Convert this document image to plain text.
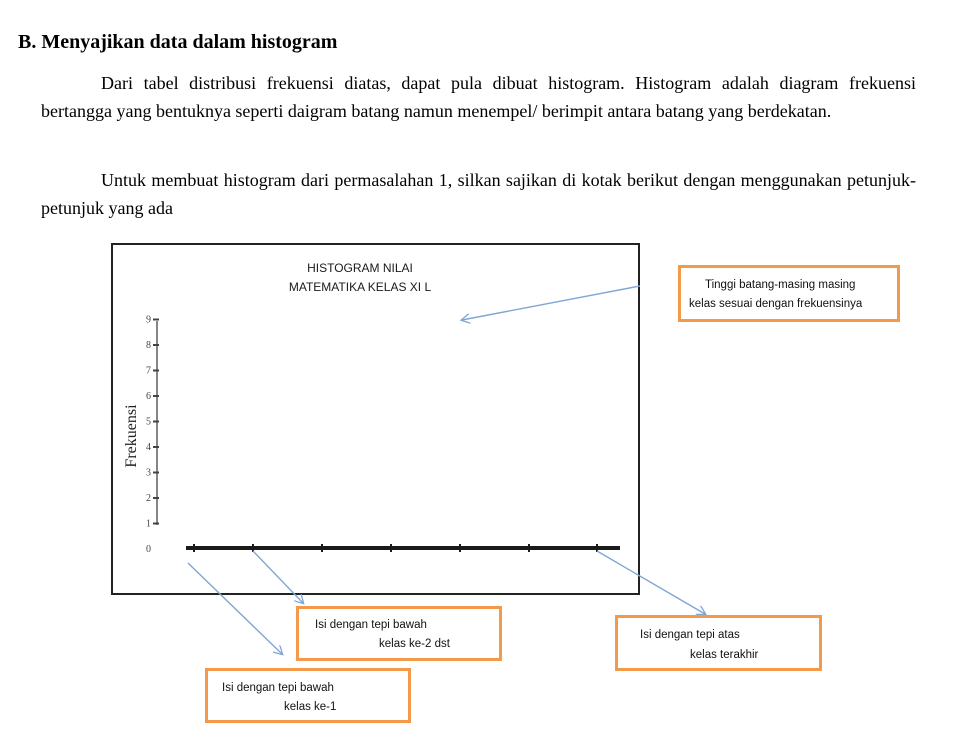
B. Menyajikan data dalam histogram

Dari tabel distribusi frekuensi diatas, dapat pula dibuat histogram. Histogram adalah diagram frekuensi bertangga yang bentuknya seperti daigram batang namun menempel/ berimpit antara batang yang berdekatan.

Untuk membuat histogram dari permasalahan 1, silkan sajikan di kotak berikut dengan menggunakan petunjuk-petunjuk yang ada

HISTOGRAM NILAI

MATEMATIKA KELAS XI L

0
1
2
3
4
5
6
7
8
9
Frekuensi
Tinggi batang-masing masing
kelas sesuai dengan frekuensinya
Isi dengan tepi bawah
kelas ke-2 dst
Isi dengan tepi atas
kelas terakhir
Isi dengan tepi bawah
kelas ke-1
